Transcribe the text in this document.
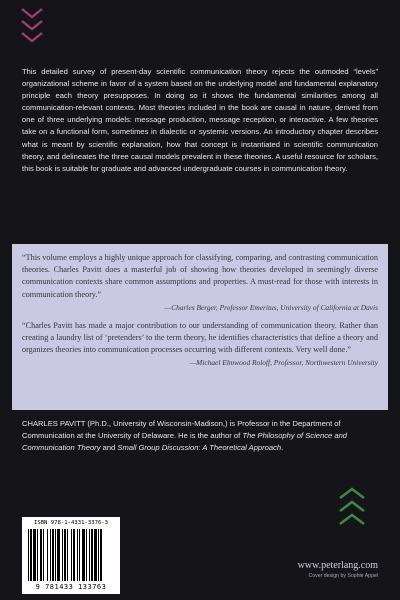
This detailed survey of present-day scientific communication theory rejects the outmoded “levels” organizational scheme in favor of a system based on the underlying model and fundamental explanatory principle each theory presupposes. In doing so it shows the fundamental similarities among all communication-relevant contexts. Most theories included in the book are causal in nature, derived from one of three underlying models: message production, message reception, or interactive. A few theories take on a functional form, sometimes in dialectic or systemic versions. An introductory chapter describes what is meant by scientific explanation, how that concept is instantiated in scientific communication theory, and delineates the three causal models prevalent in these theories. A useful resource for scholars, this book is suitable for graduate and advanced undergraduate courses in communication theory.

“This volume employs a highly unique approach for classifying, comparing, and contrasting communication theories. Charles Pavitt does a masterful job of showing how theories developed in seemingly diverse communication contexts share common assumptions and properties. A must-read for those with interests in communication theory.”

—Charles Berger, Professor Emeritus, University of California at Davis

“Charles Pavitt has made a major contribution to our understanding of communication theory. Rather than creating a laundry list of ‘pretenders’ to the term theory, he identifies characteristics that define a theory and organizes theories into communication processes occurring with different contexts. Very well done.”

—Michael Elmwood Roloff, Professor, Northwestern University

CHARLES PAVITT (Ph.D., University of Wisconsin-Madison,) is Professor in the Department of Communication at the University of Delaware. He is the author of The Philosophy of Science and Communication Theory and Small Group Discussion: A Theoretical Approach.

ISBN 978-1-4331-3376-3
9 781433 133763
www.peterlang.com
Cover design by Sophie Appel
